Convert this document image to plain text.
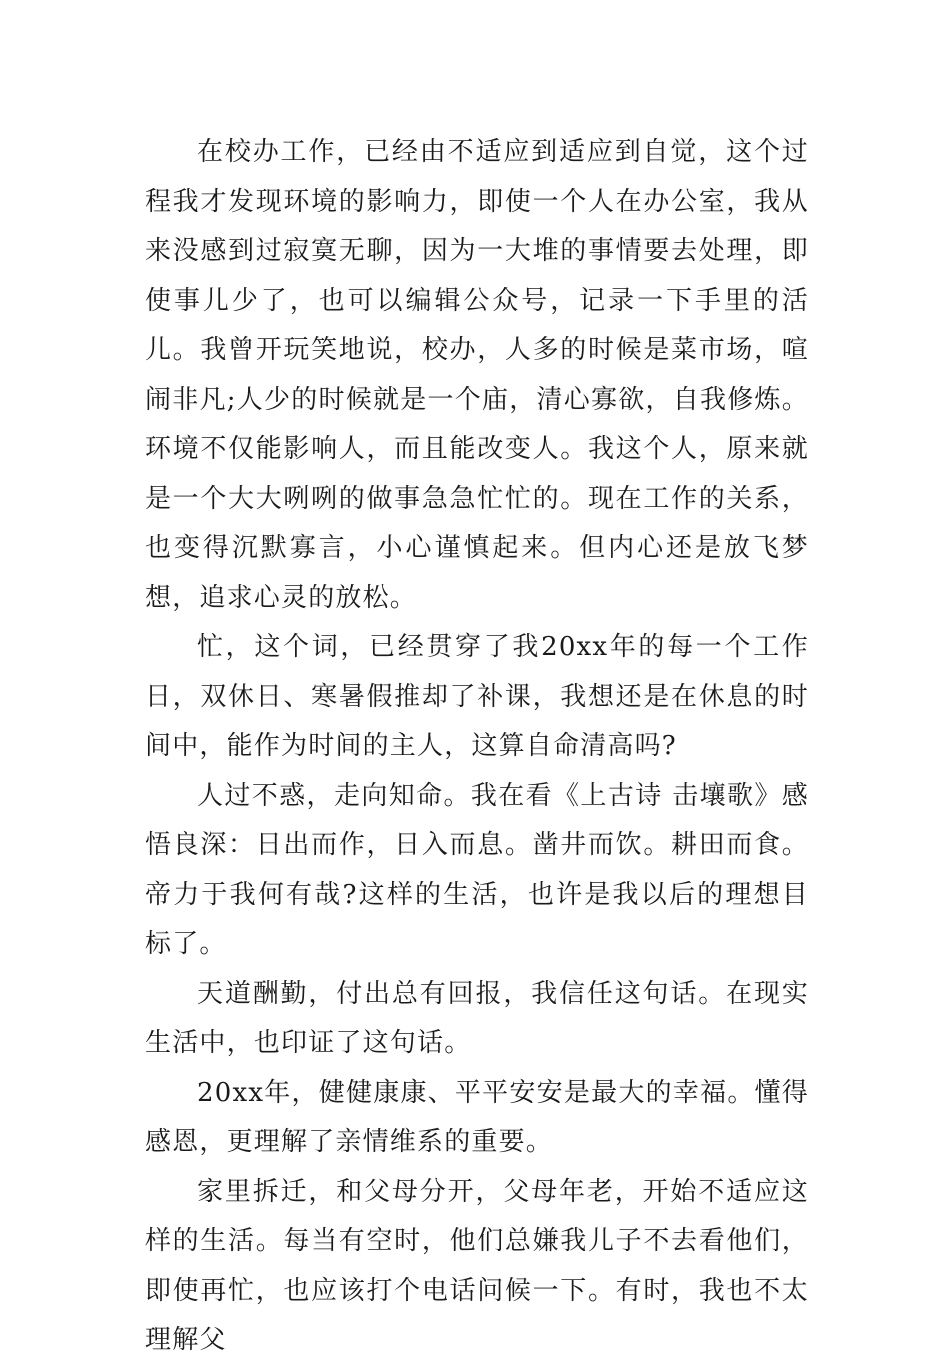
在校办工作，已经由不适应到适应到自觉，这个过程我才发现环境的影响力，即使一个人在办公室，我从来没感到过寂寞无聊，因为一大堆的事情要去处理，即使事儿少了，也可以编辑公众号，记录一下手里的活儿。我曾开玩笑地说，校办，人多的时候是菜市场，喧闹非凡;人少的时候就是一个庙，清心寡欲，自我修炼。环境不仅能影响人，而且能改变人。我这个人，原来就是一个大大咧咧的做事急急忙忙的。现在工作的关系，也变得沉默寡言，小心谨慎起来。但内心还是放飞梦想，追求心灵的放松。

忙，这个词，已经贯穿了我20xx年的每一个工作日，双休日、寒暑假推却了补课，我想还是在休息的时间中，能作为时间的主人，这算自命清高吗?

人过不惑，走向知命。我在看《上古诗 击壤歌》感悟良深：日出而作，日入而息。凿井而饮。耕田而食。帝力于我何有哉?这样的生活，也许是我以后的理想目标了。

天道酬勤，付出总有回报，我信任这句话。在现实生活中，也印证了这句话。

20xx年，健健康康、平平安安是最大的幸福。懂得感恩，更理解了亲情维系的重要。

家里拆迁，和父母分开，父母年老，开始不适应这样的生活。每当有空时，他们总嫌我儿子不去看他们，即使再忙，也应该打个电话问候一下。有时，我也不太理解父
